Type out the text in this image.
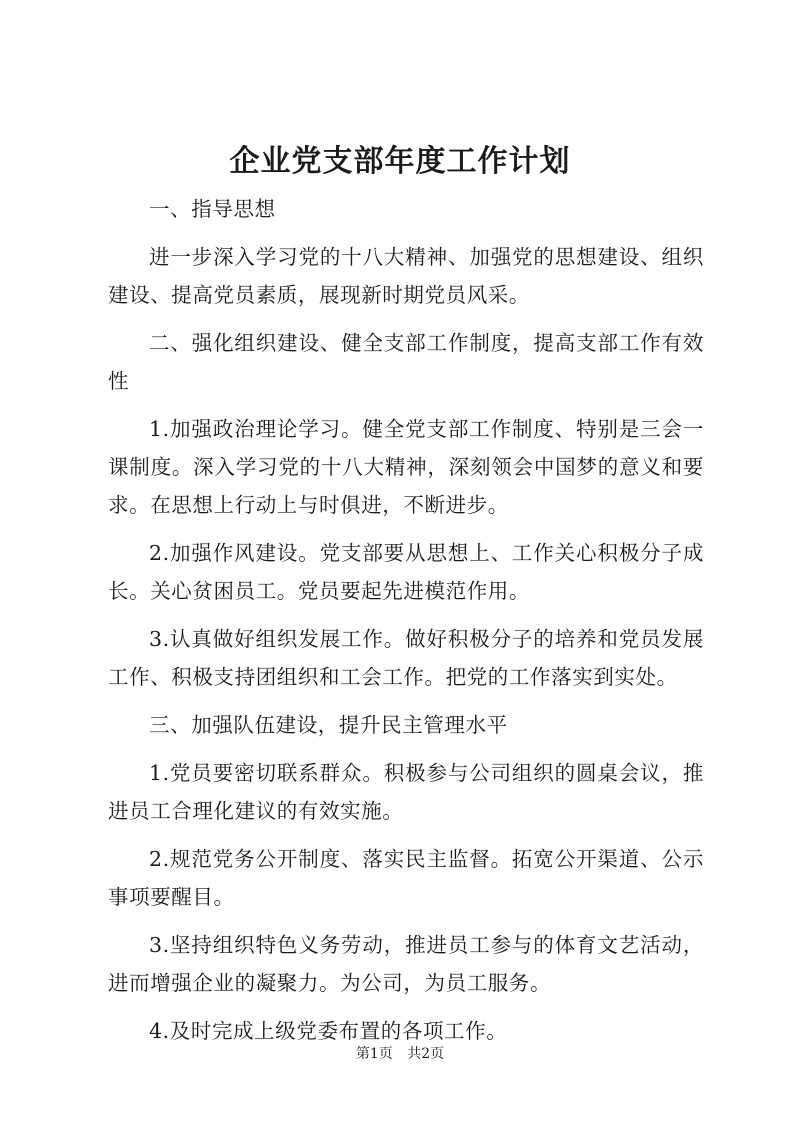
企业党支部年度工作计划

一、指导思想

进一步深入学习党的十八大精神、加强党的思想建设、组织建设、提高党员素质，展现新时期党员风采。

二、强化组织建设、健全支部工作制度，提高支部工作有效性

1.加强政治理论学习。健全党支部工作制度、特别是三会一课制度。深入学习党的十八大精神，深刻领会中国梦的意义和要求。在思想上行动上与时俱进，不断进步。

2.加强作风建设。党支部要从思想上、工作关心积极分子成长。关心贫困员工。党员要起先进模范作用。

3.认真做好组织发展工作。做好积极分子的培养和党员发展工作、积极支持团组织和工会工作。把党的工作落实到实处。

三、加强队伍建设，提升民主管理水平

1.党员要密切联系群众。积极参与公司组织的圆桌会议，推进员工合理化建议的有效实施。

2.规范党务公开制度、落实民主监督。拓宽公开渠道、公示事项要醒目。

3.坚持组织特色义务劳动，推进员工参与的体育文艺活动，进而增强企业的凝聚力。为公司，为员工服务。

4.及时完成上级党委布置的各项工作。

第1页 共2页
